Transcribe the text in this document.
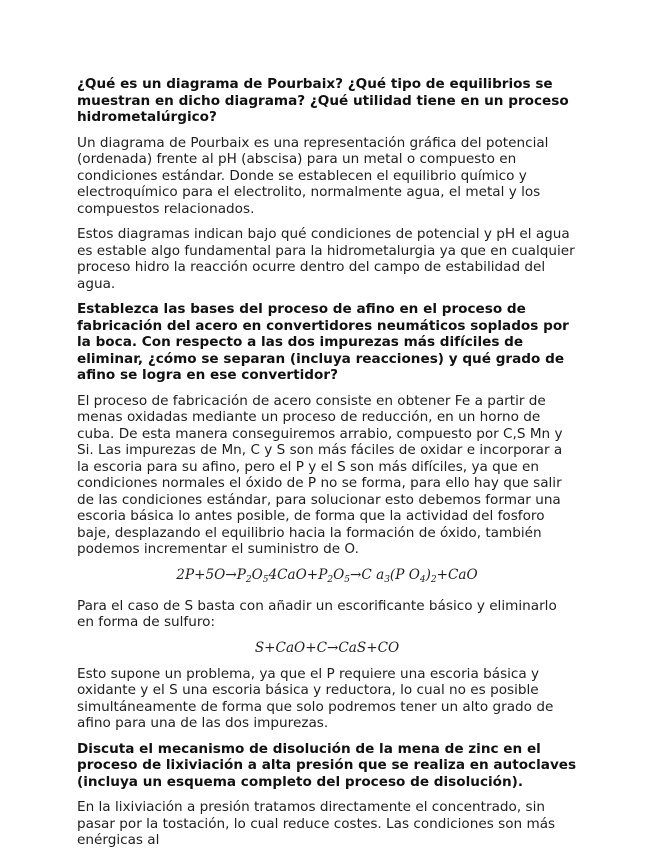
¿Qué es un diagrama de Pourbaix? ¿Qué tipo de equilibrios se muestran en dicho diagrama? ¿Qué utilidad tiene en un proceso hidrometalúrgico?

Un diagrama de Pourbaix es una representación gráfica del potencial (ordenada) frente al pH (abscisa) para un metal o compuesto en condiciones estándar. Donde se establecen el equilibrio químico y electroquímico para el electrolito, normalmente agua, el metal y los compuestos relacionados.

Estos diagramas indican bajo qué condiciones de potencial y pH el agua es estable algo fundamental para la hidrometalurgia ya que en cualquier proceso hidro la reacción ocurre dentro del campo de estabilidad del agua.

Establezca las bases del proceso de afino en el proceso de fabricación del acero en convertidores neumáticos soplados por la boca. Con respecto a las dos impurezas más difíciles de eliminar, ¿cómo se separan (incluya reacciones) y qué grado de afino se logra en ese convertidor?

El proceso de fabricación de acero consiste en obtener Fe a partir de menas oxidadas mediante un proceso de reducción, en un horno de cuba. De esta manera conseguiremos arrabio, compuesto por C,S Mn y Si. Las impurezas de Mn, C y S son más fáciles de oxidar e incorporar a la escoria para su afino, pero el P y el S son más difíciles, ya que en condiciones normales el óxido de P no se forma, para ello hay que salir de las condiciones estándar, para solucionar esto debemos formar una escoria básica lo antes posible, de forma que la actividad del fosforo baje, desplazando el equilibrio hacia la formación de óxido, también podemos incrementar el suministro de O.

$2P+5O\to P_2O_54CaO+P_2O_5\to C$ $a_3(P$ $O_4)_2+CaO$

Para el caso de S basta con añadir un escorificante básico y eliminarlo en forma de sulfuro:

S+CaO+C→CaS+CO

Esto supone un problema, ya que el P requiere una escoria básica y oxidante y el S una escoria básica y reductora, lo cual no es posible simultáneamente de forma que solo podremos tener un alto grado de afino para una de las dos impurezas.

Discuta el mecanismo de disolución de la mena de zinc en el proceso de lixiviación a alta presión que se realiza en autoclaves (incluya un esquema completo del proceso de disolución).

En la lixiviación a presión tratamos directamente el concentrado, sin pasar por la tostación, lo cual reduce costes. Las condiciones son más enérgicas al
